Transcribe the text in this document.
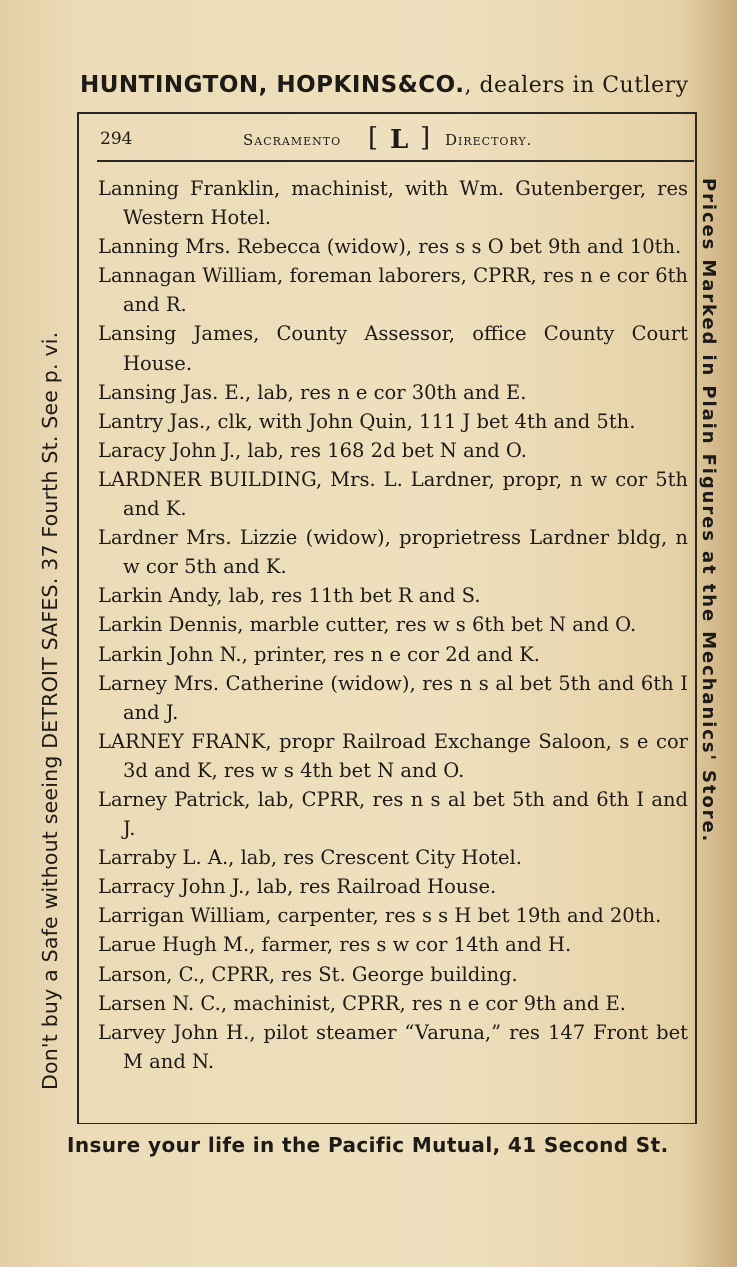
HUNTINGTON, HOPKINS&CO., dealers in Cutlery
294	Sacramento [ L ] Directory.
Lanning Franklin, machinist, with Wm. Gutenberger, res Western Hotel.
Lanning Mrs. Rebecca (widow), res s s O bet 9th and 10th.
Lannagan William, foreman laborers, CPRR, res n e cor 6th and R.
Lansing James, County Assessor, office County Court House.
Lansing Jas. E., lab, res n e cor 30th and E.
Lantry Jas., clk, with John Quin, 111 J bet 4th and 5th.
Laracy John J., lab, res 168 2d bet N and O.
LARDNER BUILDING, Mrs. L. Lardner, propr, n w cor 5th and K.
Lardner Mrs. Lizzie (widow), proprietress Lardner bldg, n w cor 5th and K.
Larkin Andy, lab, res 11th bet R and S.
Larkin Dennis, marble cutter, res w s 6th bet N and O.
Larkin John N., printer, res n e cor 2d and K.
Larney Mrs. Catherine (widow), res n s al bet 5th and 6th I and J.
LARNEY FRANK, propr Railroad Exchange Saloon, s e cor 3d and K, res w s 4th bet N and O.
Larney Patrick, lab, CPRR, res n s al bet 5th and 6th I and J.
Larraby L. A., lab, res Crescent City Hotel.
Larracy John J., lab, res Railroad House.
Larrigan William, carpenter, res s s H bet 19th and 20th.
Larue Hugh M., farmer, res s w cor 14th and H.
Larson, C., CPRR, res St. George building.
Larsen N. C., machinist, CPRR, res n e cor 9th and E.
Larvey John H., pilot steamer “Varuna,” res 147 Front bet M and N.
Don't buy a Safe without seeing DETROIT SAFES. 37 Fourth St. See p. vi.	Prices Marked in Plain Figures at the Mechanics' Store.
Insure your life in the Pacific Mutual, 41 Second St.
